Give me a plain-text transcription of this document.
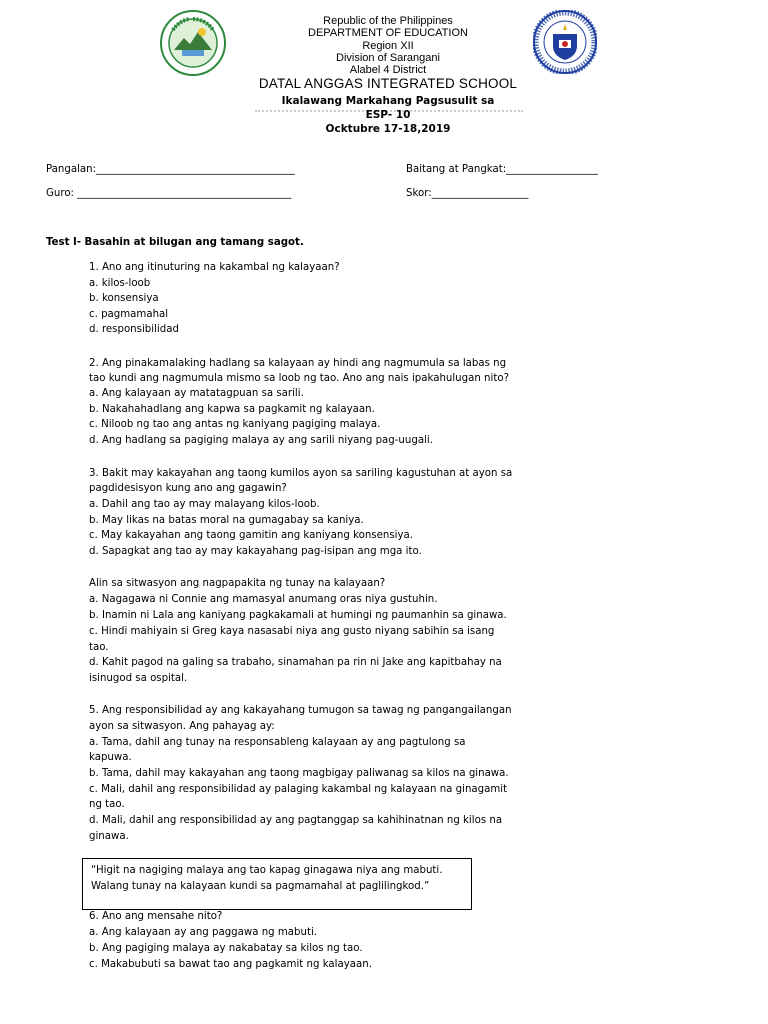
Republic of the Philippines
DEPARTMENT OF EDUCATION
Region XII
Division of Sarangani
Alabel 4 District
DATAL ANGGAS INTEGRATED SCHOOL
Ikalawang Markahang Pagsusulit sa
ESP- 10
Ocktubre 17-18,2019
Pangalan:_______________________________________	Baitang at Pangkat:__________________
Guro: __________________________________________	Skor:___________________
Test I- Basahin at bilugan ang tamang sagot.
1. Ano ang itinuturing na kakambal ng kalayaan?
a. kilos-loob
b. konsensiya
c. pagmamahal
d. responsibilidad
2. Ang pinakamalaking hadlang sa kalayaan ay hindi ang nagmumula sa labas ng
tao kundi ang nagmumula mismo sa loob ng tao. Ano ang nais ipakahulugan nito?
a. Ang kalayaan ay matatagpuan sa sarili.
b. Nakahahadlang ang kapwa sa pagkamit ng kalayaan.
c. Niloob ng tao ang antas ng kaniyang pagiging malaya.
d. Ang hadlang sa pagiging malaya ay ang sarili niyang pag-uugali.
3. Bakit may kakayahan ang taong kumilos ayon sa sariling kagustuhan at ayon sa
pagdidesisyon kung ano ang gagawin?
a. Dahil ang tao ay may malayang kilos-loob.
b. May likas na batas moral na gumagabay sa kaniya.
c. May kakayahan ang taong gamitin ang kaniyang konsensiya.
d. Sapagkat ang tao ay may kakayahang pag-isipan ang mga ito.
Alin sa sitwasyon ang nagpapakita ng tunay na kalayaan?
a. Nagagawa ni Connie ang mamasyal anumang oras niya gustuhin.
b. Inamin ni Lala ang kaniyang pagkakamali at humingi ng paumanhin sa ginawa.
c. Hindi mahiyain si Greg kaya nasasabi niya ang gusto niyang sabihin sa isang
tao.
d. Kahit pagod na galing sa trabaho, sinamahan pa rin ni Jake ang kapitbahay na
isinugod sa ospital.
5. Ang responsibilidad ay ang kakayahang tumugon sa tawag ng pangangailangan
ayon sa sitwasyon. Ang pahayag ay:
a. Tama, dahil ang tunay na responsableng kalayaan ay ang pagtulong sa
kapuwa.
b. Tama, dahil may kakayahan ang taong magbigay paliwanag sa kilos na ginawa.
c. Mali, dahil ang responsibilidad ay palaging kakambal ng kalayaan na ginagamit
ng tao.
d. Mali, dahil ang responsibilidad ay ang pagtanggap sa kahihinatnan ng kilos na
ginawa.
“Higit na nagiging malaya ang tao kapag ginagawa niya ang mabuti.
Walang tunay na kalayaan kundi sa pagmamahal at paglilingkod.”
6. Ano ang mensahe nito?
a. Ang kalayaan ay ang paggawa ng mabuti.
b. Ang pagiging malaya ay nakabatay sa kilos ng tao.
c. Makabubuti sa bawat tao ang pagkamit ng kalayaan.
